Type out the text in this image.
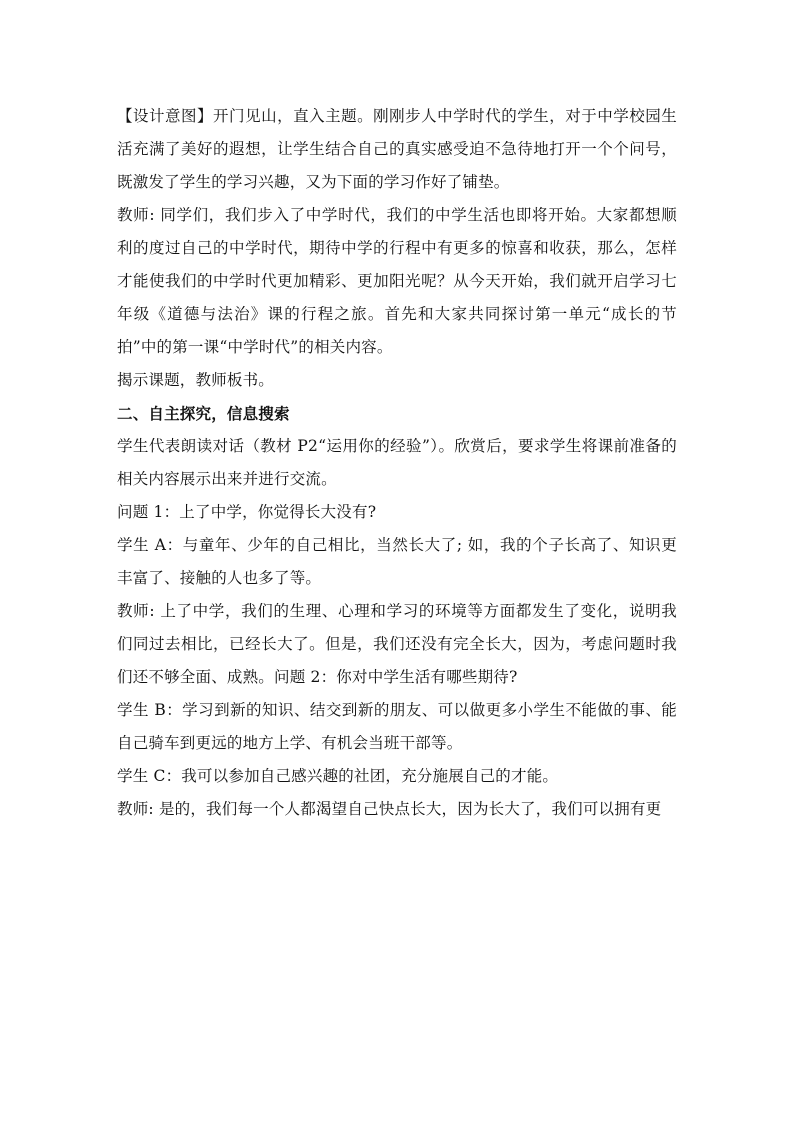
【设计意图】开门见山，直入主题。刚刚步人中学时代的学生，对于中学校园生活充满了美好的遐想，让学生结合自己的真实感受迫不急待地打开一个个问号，既激发了学生的学习兴趣，又为下面的学习作好了铺垫。

教师: 同学们，我们步入了中学时代，我们的中学生活也即将开始。大家都想顺利的度过自己的中学时代，期待中学的行程中有更多的惊喜和收获，那么，怎样才能使我们的中学时代更加精彩、更加阳光呢？从今天开始，我们就开启学习七年级《道德与法治》课的行程之旅。首先和大家共同探讨第一单元“成长的节拍”中的第一课“中学时代”的相关内容。

揭示课题，教师板书。

二、自主探究，信息搜索

学生代表朗读对话（教材 P2“运用你的经验”）。欣赏后，要求学生将课前准备的相关内容展示出来并进行交流。

问题 1：上了中学，你觉得长大没有?

学生 A：与童年、少年的自己相比，当然长大了; 如，我的个子长高了、知识更丰富了、接触的人也多了等。

教师: 上了中学，我们的生理、心理和学习的环境等方面都发生了变化，说明我们同过去相比，已经长大了。但是，我们还没有完全长大，因为，考虑问题时我们还不够全面、成熟。问题 2：你对中学生活有哪些期待?

学生 B：学习到新的知识、结交到新的朋友、可以做更多小学生不能做的事、能自己骑车到更远的地方上学、有机会当班干部等。

学生 C：我可以参加自己感兴趣的社团，充分施展自己的才能。

教师: 是的，我们每一个人都渴望自己快点长大，因为长大了，我们可以拥有更
